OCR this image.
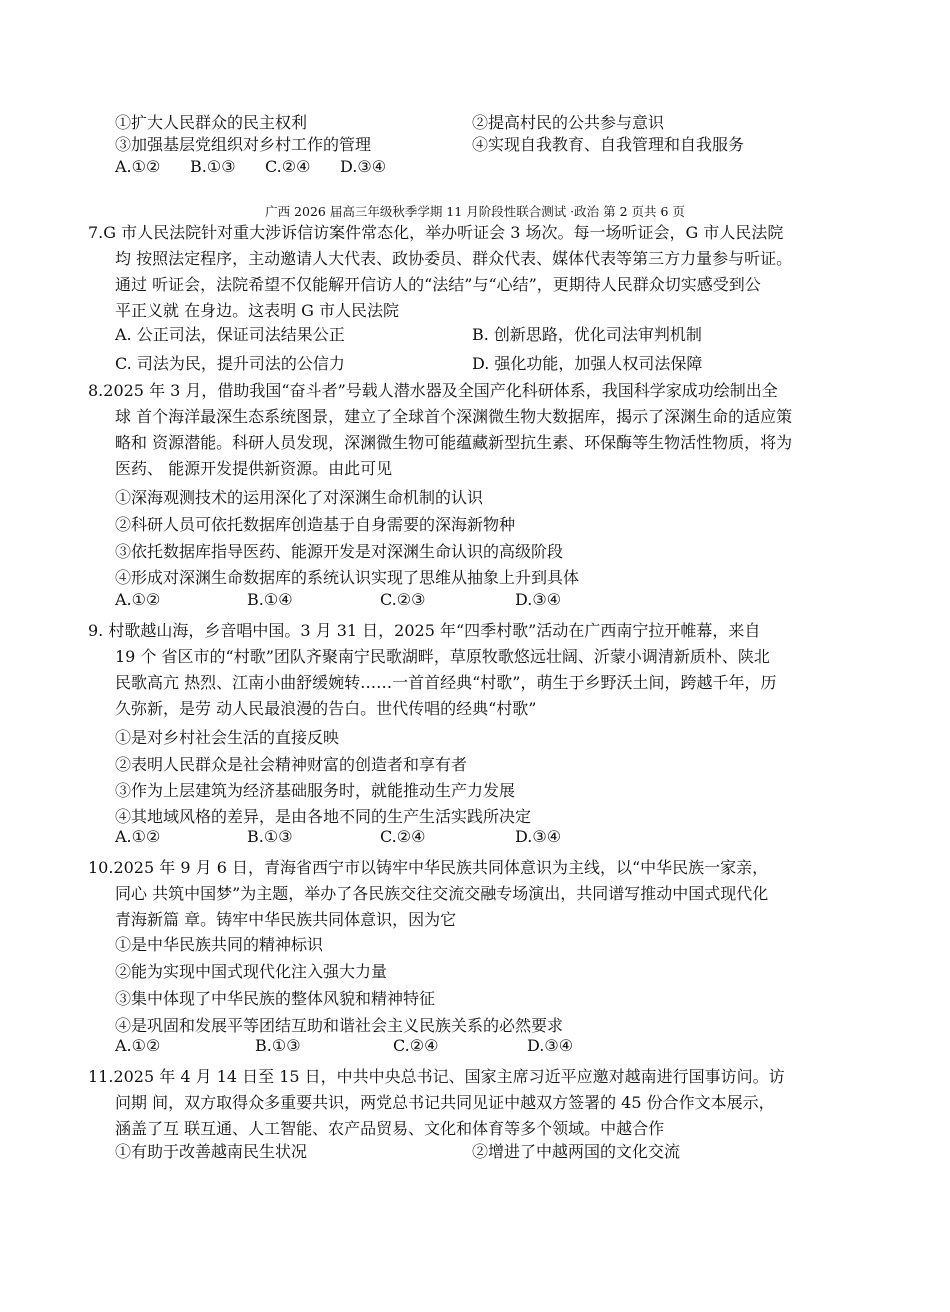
①扩大人民群众的民主权利	②提高村民的公共参与意识
③加强基层党组织对乡村工作的管理	④实现自我教育、自我管理和自我服务
A.①② B.①③ C.②④ D.③④
广西 2026 届高三年级秋季学期 11 月阶段性联合测试 ·政治 第 2 页共 6 页
7.G 市人民法院针对重大涉诉信访案件常态化，举办听证会 3 场次。每一场听证会，G 市人民法院
均 按照法定程序，主动邀请人大代表、政协委员、群众代表、媒体代表等第三方力量参与听证。
通过 听证会，法院希望不仅能解开信访人的“法结”与“心结”，更期待人民群众切实感受到公
平正义就 在身边。这表明 G 市人民法院
A. 公正司法，保证司法结果公正	B. 创新思路，优化司法审判机制
C. 司法为民，提升司法的公信力	D. 强化功能，加强人权司法保障
8.2025 年 3 月，借助我国“奋斗者”号载人潜水器及全国产化科研体系，我国科学家成功绘制出全
球 首个海洋最深生态系统图景，建立了全球首个深渊微生物大数据库，揭示了深渊生命的适应策
略和 资源潜能。科研人员发现，深渊微生物可能蕴藏新型抗生素、环保酶等生物活性物质，将为
医药、 能源开发提供新资源。由此可见
①深海观测技术的运用深化了对深渊生命机制的认识
②科研人员可依托数据库创造基于自身需要的深海新物种
③依托数据库指导医药、能源开发是对深渊生命认识的高级阶段
④形成对深渊生命数据库的系统认识实现了思维从抽象上升到具体
A.①②	B.①④	C.②③	D.③④
9. 村歌越山海，乡音唱中国。3 月 31 日，2025 年“四季村歌”活动在广西南宁拉开帷幕，来自
19 个 省区市的“村歌”团队齐聚南宁民歌湖畔，草原牧歌悠远壮阔、沂蒙小调清新质朴、陕北
民歌高亢 热烈、江南小曲舒缓婉转……一首首经典“村歌”，萌生于乡野沃土间，跨越千年，历
久弥新，是劳 动人民最浪漫的告白。世代传唱的经典“村歌”
①是对乡村社会生活的直接反映
②表明人民群众是社会精神财富的创造者和享有者
③作为上层建筑为经济基础服务时，就能推动生产力发展
④其地域风格的差异，是由各地不同的生产生活实践所决定
A.①②	B.①③	C.②④	D.③④
10.2025 年 9 月 6 日，青海省西宁市以铸牢中华民族共同体意识为主线，以“中华民族一家亲，
同心 共筑中国梦”为主题，举办了各民族交往交流交融专场演出，共同谱写推动中国式现代化
青海新篇 章。铸牢中华民族共同体意识，因为它
①是中华民族共同的精神标识
②能为实现中国式现代化注入强大力量
③集中体现了中华民族的整体风貌和精神特征
④是巩固和发展平等团结互助和谐社会主义民族关系的必然要求
A.①②	B.①③	C.②④	D.③④
11.2025 年 4 月 14 日至 15 日，中共中央总书记、国家主席习近平应邀对越南进行国事访问。访
问期 间，双方取得众多重要共识，两党总书记共同见证中越双方签署的 45 份合作文本展示，
涵盖了互 联互通、人工智能、农产品贸易、文化和体育等多个领域。中越合作
①有助于改善越南民生状况	②增进了中越两国的文化交流
